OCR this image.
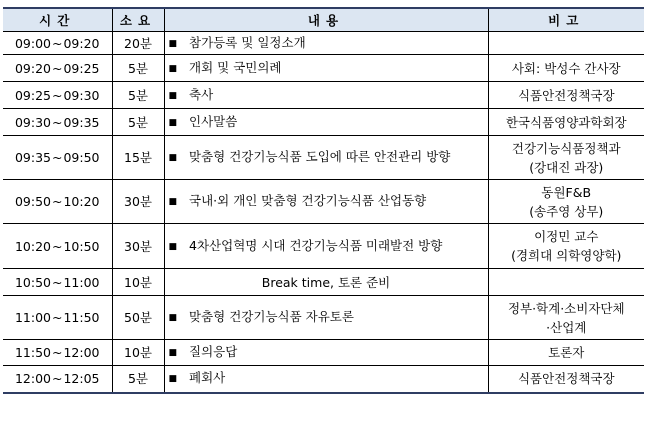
시간	소요	내용	비고
09:00~09:20	20분	■ 참가등록 및 일정소개	
09:20~09:25	5분	■ 개회 및 국민의례	사회: 박성수 간사장
09:25~09:30	5분	■ 축사	식품안전정책국장
09:30~09:35	5분	■ 인사말씀	한국식품영양과학회장
09:35~09:50	15분	■ 맞춤형 건강기능식품 도입에 따른 안전관리 방향	건강기능식품정책과
(강대진 과장)
09:50~10:20	30분	■ 국내·외 개인 맞춤형 건강기능식품 산업동향	동원F&B
(송주영 상무)
10:20~10:50	30분	■ 4차산업혁명 시대 건강기능식품 미래발전 방향	이정민 교수
(경희대 의학영양학)
10:50~11:00	10분	Break time, 토론 준비	
11:00~11:50	50분	■ 맞춤형 건강기능식품 자유토론	정부·학계·소비자단체
·산업계
11:50~12:00	10분	■ 질의응답	토론자
12:00~12:05	5분	■ 폐회사	식품안전정책국장
